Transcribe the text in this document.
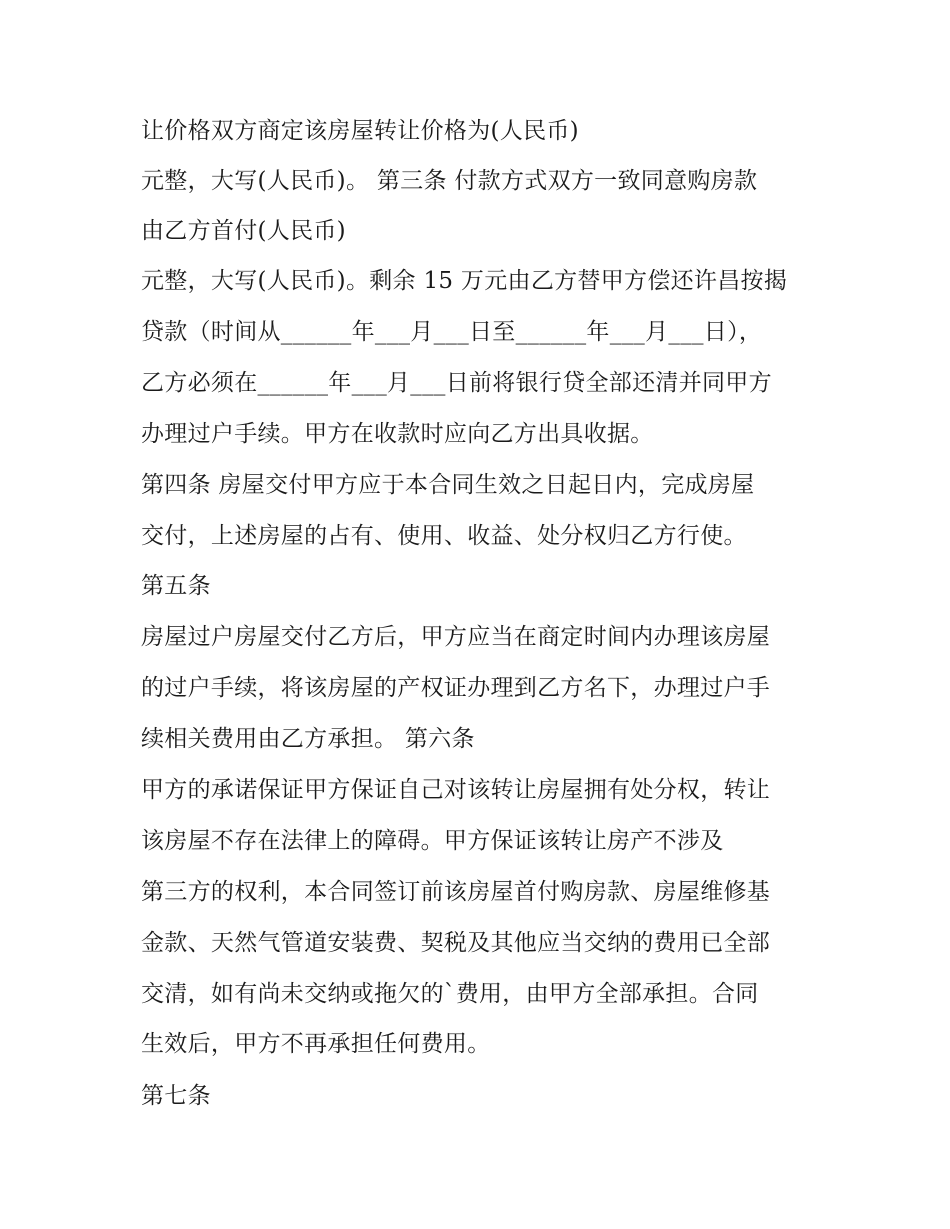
让价格双方商定该房屋转让价格为(人民币)
元整，大写(人民币)。 第三条 付款方式双方一致同意购房款
由乙方首付(人民币)
元整，大写(人民币)。剩余 15 万元由乙方替甲方偿还许昌按揭
贷款（时间从______年___月___日至______年___月___日），
乙方必须在______年___月___日前将银行贷全部还清并同甲方
办理过户手续。甲方在收款时应向乙方出具收据。
第四条 房屋交付甲方应于本合同生效之日起日内，完成房屋
交付，上述房屋的占有、使用、收益、处分权归乙方行使。
第五条
房屋过户房屋交付乙方后，甲方应当在商定时间内办理该房屋
的过户手续，将该房屋的产权证办理到乙方名下，办理过户手
续相关费用由乙方承担。 第六条
甲方的承诺保证甲方保证自己对该转让房屋拥有处分权，转让
该房屋不存在法律上的障碍。甲方保证该转让房产不涉及
第三方的权利，本合同签订前该房屋首付购房款、房屋维修基
金款、天然气管道安装费、契税及其他应当交纳的费用已全部
交清，如有尚未交纳或拖欠的`费用，由甲方全部承担。合同
生效后，甲方不再承担任何费用。
第七条
